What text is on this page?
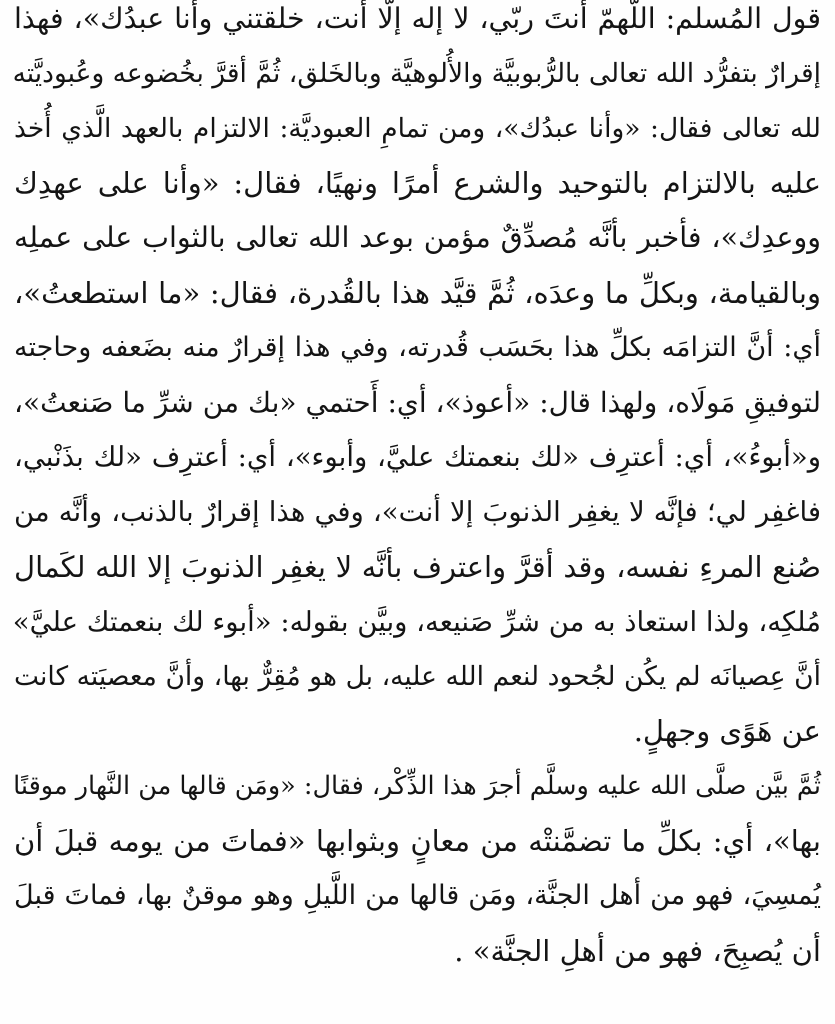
قول المُسلم: اللّهمّ أنتَ ربّي، لا إله إلّا أنت، خلقتني وأنا عبدُك»، فهذا
إقرارٌ بتفرُّد الله تعالى بالرُّبوبيَّة والأُلوهيَّة وبالخَلق، ثُمَّ أقرَّ بخُضوعه وعُبوديَّته
لله تعالى فقال: «وأنا عبدُك»، ومن تمامِ العبوديَّة: الالتزام بالعهد الَّذي أُخذ
عليه بالالتزام بالتوحيد والشرع أمرًا ونهيًا، فقال: «وأنا على عهدِك
ووعدِك»، فأخبر بأنَّه مُصدِّقٌ مؤمن بوعد الله تعالى بالثواب على عملِه
وبالقيامة، وبكلِّ ما وعدَه، ثُمَّ قيَّد هذا بالقُدرة، فقال: «ما استطعتُ»،
أي: أنَّ التزامَه بكلِّ هذا بحَسَب قُدرته، وفي هذا إقرارٌ منه بضَعفه وحاجته
لتوفيقِ مَولَاه، ولهذا قال: «أعوذ»، أي: أَحتمي «بك من شرِّ ما صَنعتُ»،
و«أبوءُ»، أي: أعترِف «لك بنعمتك عليَّ، وأبوء»، أي: أعترِف «لك بذَنْبي،
فاغفِر لي؛ فإنَّه لا يغفِر الذنوبَ إلا أنت»، وفي هذا إقرارٌ بالذنب، وأنَّه من
صُنع المرءِ نفسه، وقد أقرَّ واعترف بأنَّه لا يغفِر الذنوبَ إلا الله لكَمال
مُلكِه، ولذا استعاذ به من شرِّ صَنيعه، وبيَّن بقوله: «أبوء لك بنعمتك عليَّ»
أنَّ عِصيانَه لم يكُن لجُحود لنعم الله عليه، بل هو مُقِرٌّ بها، وأنَّ معصيَته كانت
عن هَوًى وجهلٍ.
ثُمَّ بيَّن صلَّى الله عليه وسلَّم أجرَ هذا الذِّكْر، فقال: «ومَن قالها من النَّهار موقنًا
بها»، أي: بكلِّ ما تضمَّنتْه من معانٍ وبثوابها «فماتَ من يومه قبلَ أن
يُمسِيَ، فهو من أهل الجنَّة، ومَن قالها من اللَّيلِ وهو موقنٌ بها، فماتَ قبلَ
أن يُصبِحَ، فهو من أهلِ الجنَّة» .
